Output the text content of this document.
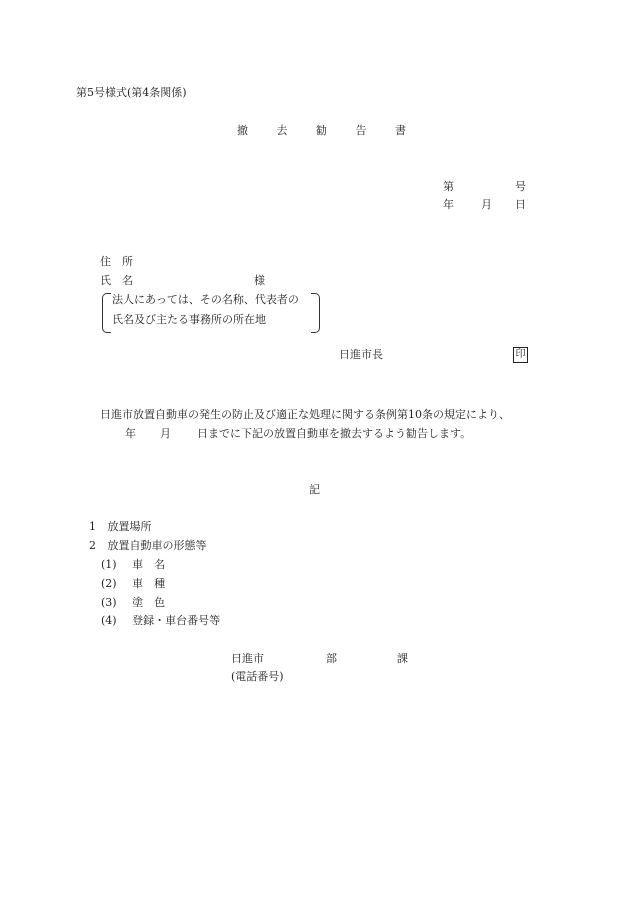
第5号様式(第4条関係)
撤	去	勧	告	書
第	号
年 月 日
住　所
氏　名	様
法人にあっては、その名称、代表者の
氏名及び主たる事務所の所在地
日進市長	印
日進市放置自動車の発生の防止及び適正な処理に関する条例第10条の規定により、
年 月 日までに下記の放置自動車を撤去するよう勧告します。
記
1 放置場所
2 放置自動車の形態等
(1) 車　名
(2) 車　種
(3) 塗　色
(4) 登録・車台番号等
日進市	部	課
(電話番号)
